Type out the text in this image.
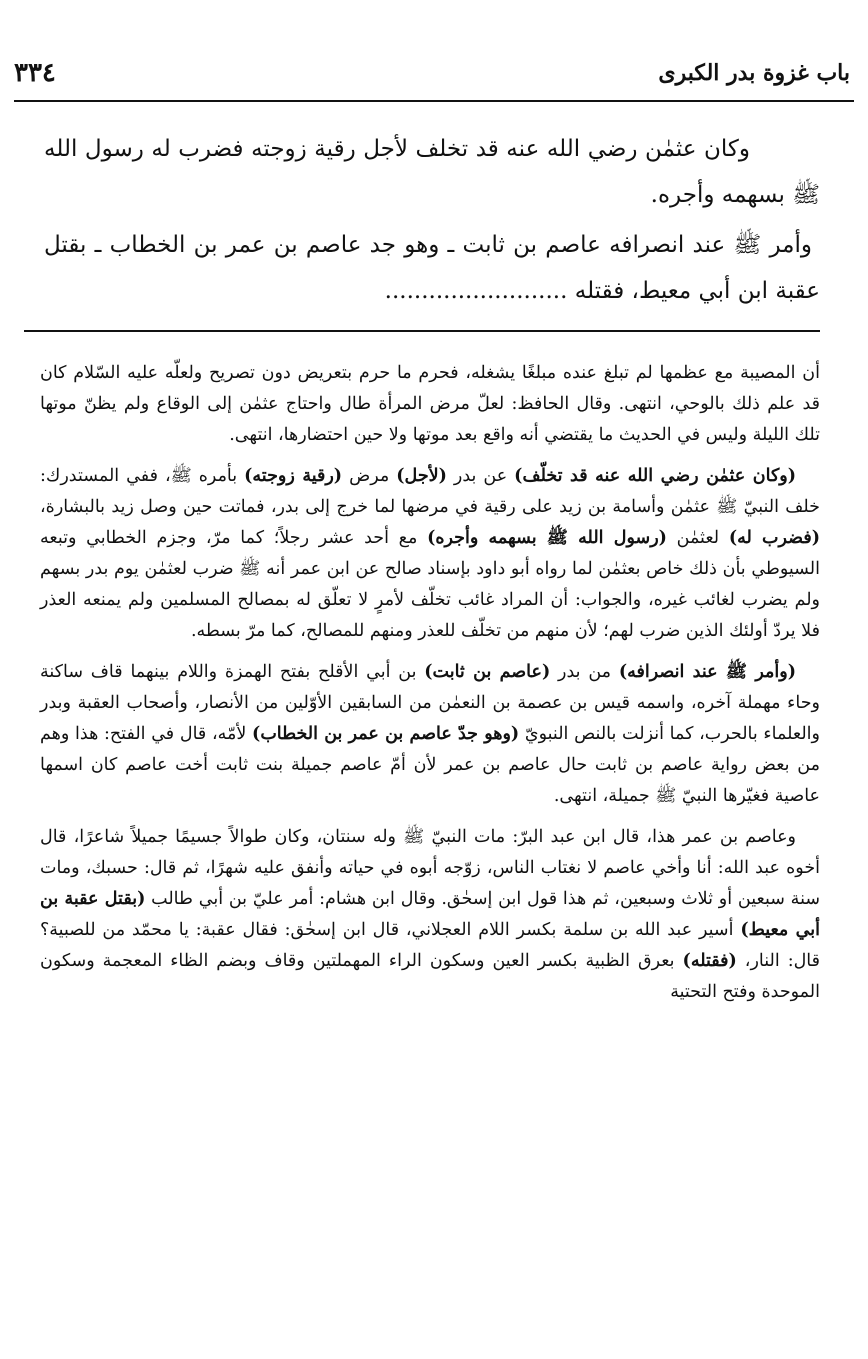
٣٣٤	باب غزوة بدر الكبرى

وكان عثمٰن رضي الله عنه قد تخلف لأجل رقية زوجته فضرب له رسول الله ﷺ بسهمه وأجره.

وأمر ﷺ عند انصرافه عاصم بن ثابت ـ وهو جد عاصم بن عمر بن الخطاب ـ بقتل عقبة ابن أبي معيط، فقتله .........................

أن المصيبة مع عظمها لم تبلغ عنده مبلغًا يشغله، فحرم ما حرم بتعريض دون تصريح ولعلّه عليه السّلام كان قد علم ذلك بالوحي، انتهى. وقال الحافظ: لعلّ مرض المرأة طال واحتاج عثمٰن إلى الوقاع ولم يظنّ موتها تلك الليلة وليس في الحديث ما يقتضي أنه واقع بعد موتها ولا حين احتضارها، انتهى.

(وكان عثمٰن رضي الله عنه قد تخلّف) عن بدر (لأجل) مرض (رقية زوجته) بأمره ﷺ، ففي المستدرك: خلف النبيّ ﷺ عثمٰن وأسامة بن زيد على رقية في مرضها لما خرج إلى بدر، فماتت حين وصل زيد بالبشارة، (فضرب له) لعثمٰن (رسول الله ﷺ بسهمه وأجره) مع أحد عشر رجلاً؛ كما مرّ، وجزم الخطابي وتبعه السيوطي بأن ذلك خاص بعثمٰن لما رواه أبو داود بإسناد صالح عن ابن عمر أنه ﷺ ضرب لعثمٰن يوم بدر بسهم ولم يضرب لغائب غيره، والجواب: أن المراد غائب تخلّف لأمرٍ لا تعلّق له بمصالح المسلمين ولم يمنعه العذر فلا يردّ أولئك الذين ضرب لهم؛ لأن منهم من تخلّف للعذر ومنهم للمصالح، كما مرّ بسطه.

(وأمر ﷺ عند انصرافه) من بدر (عاصم بن ثابت) بن أبي الأقلح بفتح الهمزة واللام بينهما قاف ساكنة وحاء مهملة آخره، واسمه قيس بن عصمة بن النعمٰن من السابقين الأوّلين من الأنصار، وأصحاب العقبة وبدر والعلماء بالحرب، كما أنزلت بالنص النبويّ (وهو جدّ عاصم بن عمر بن الخطاب) لأمّه، قال في الفتح: هذا وهم من بعض رواية عاصم بن ثابت حال عاصم بن عمر لأن أمّ عاصم جميلة بنت ثابت أخت عاصم كان اسمها عاصية فغيّرها النبيّ ﷺ جميلة، انتهى.

وعاصم بن عمر هذا، قال ابن عبد البرّ: مات النبيّ ﷺ وله سنتان، وكان طوالاً جسيمًا جميلاً شاعرًا، قال أخوه عبد الله: أنا وأخي عاصم لا نغتاب الناس، زوّجه أبوه في حياته وأنفق عليه شهرًا، ثم قال: حسبك، ومات سنة سبعين أو ثلاث وسبعين، ثم هذا قول ابن إسحٰق. وقال ابن هشام: أمر عليّ بن أبي طالب (بقتل عقبة بن أبي معيط) أسير عبد الله بن سلمة بكسر اللام العجلاني، قال ابن إسحٰق: فقال عقبة: يا محمّد من للصبية؟ قال: النار، (فقتله) بعرق الظبية بكسر العين وسكون الراء المهملتين وقاف وبضم الظاء المعجمة وسكون الموحدة وفتح التحتية
